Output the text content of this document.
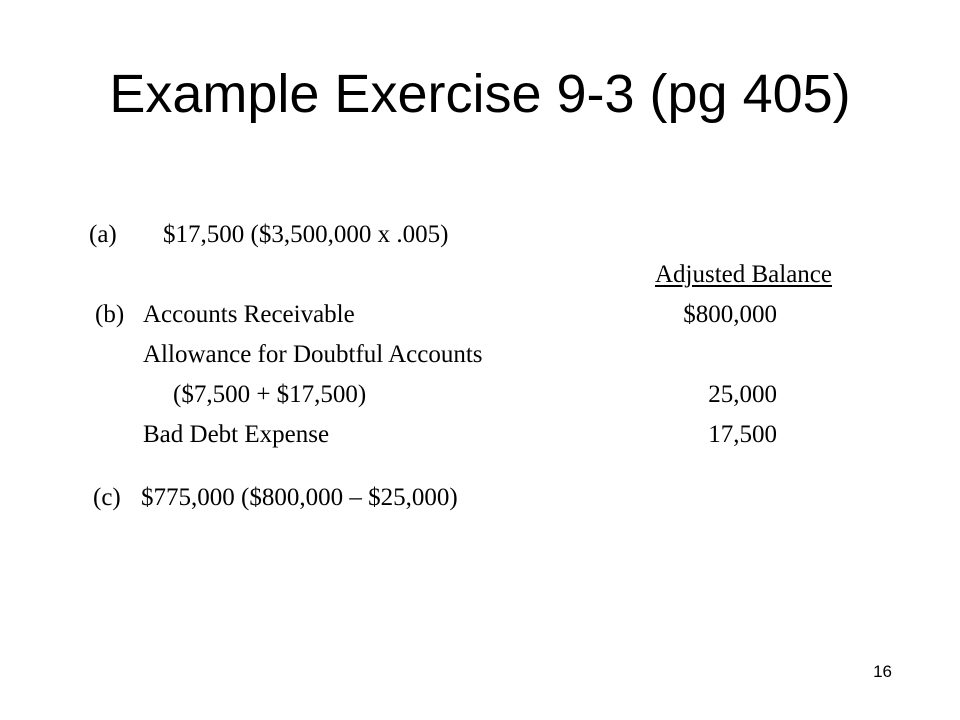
Example Exercise 9-3 (pg 405)
(a) $17,500 ($3,500,000 x .005)
Adjusted Balance
(b) Accounts Receivable	$800,000
Allowance for Doubtful Accounts
($7,500 + $17,500)	25,000
Bad Debt Expense	17,500
(c) $775,000 ($800,000 – $25,000)
16
